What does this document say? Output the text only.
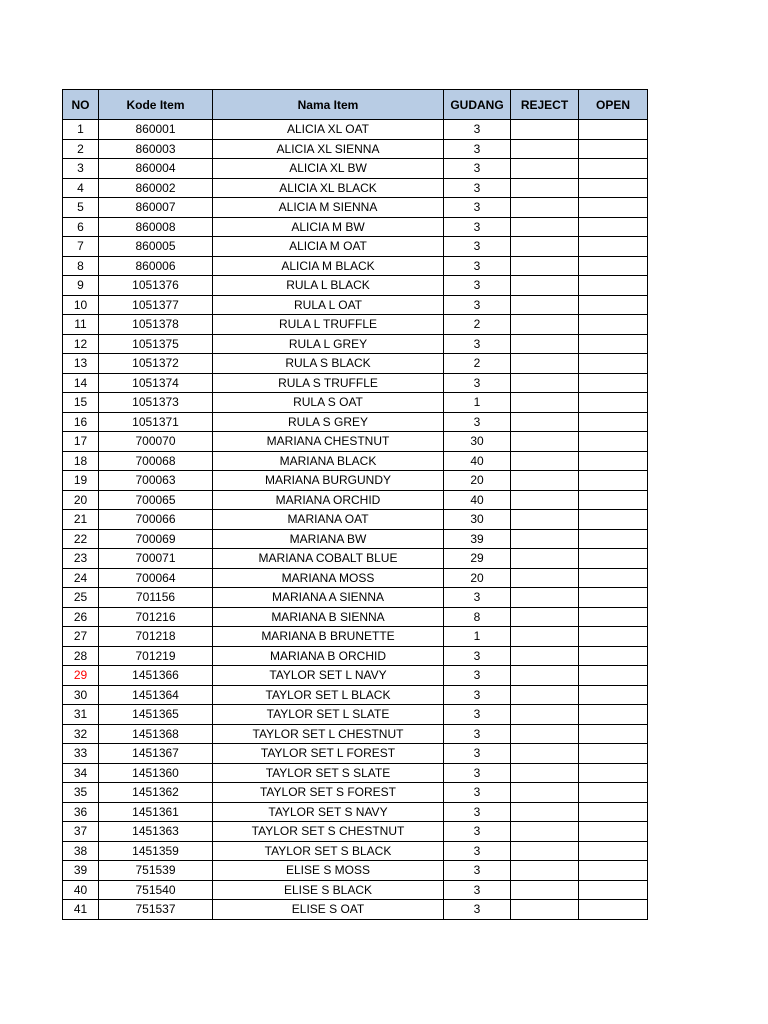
NO	Kode Item	Nama Item	GUDANG	REJECT	OPEN
1	860001	ALICIA XL OAT	3		
2	860003	ALICIA XL SIENNA	3		
3	860004	ALICIA XL BW	3		
4	860002	ALICIA XL BLACK	3		
5	860007	ALICIA M SIENNA	3		
6	860008	ALICIA M BW	3		
7	860005	ALICIA M OAT	3		
8	860006	ALICIA M BLACK	3		
9	1051376	RULA L BLACK	3		
10	1051377	RULA L OAT	3		
11	1051378	RULA L TRUFFLE	2		
12	1051375	RULA L GREY	3		
13	1051372	RULA S BLACK	2		
14	1051374	RULA S TRUFFLE	3		
15	1051373	RULA S OAT	1		
16	1051371	RULA S GREY	3		
17	700070	MARIANA CHESTNUT	30		
18	700068	MARIANA BLACK	40		
19	700063	MARIANA BURGUNDY	20		
20	700065	MARIANA ORCHID	40		
21	700066	MARIANA OAT	30		
22	700069	MARIANA BW	39		
23	700071	MARIANA COBALT BLUE	29		
24	700064	MARIANA MOSS	20		
25	701156	MARIANA A SIENNA	3		
26	701216	MARIANA B SIENNA	8		
27	701218	MARIANA B BRUNETTE	1		
28	701219	MARIANA B ORCHID	3		
29	1451366	TAYLOR SET L NAVY	3		
30	1451364	TAYLOR SET L BLACK	3		
31	1451365	TAYLOR SET L SLATE	3		
32	1451368	TAYLOR SET L CHESTNUT	3		
33	1451367	TAYLOR SET L FOREST	3		
34	1451360	TAYLOR SET S SLATE	3		
35	1451362	TAYLOR SET S FOREST	3		
36	1451361	TAYLOR SET S NAVY	3		
37	1451363	TAYLOR SET S CHESTNUT	3		
38	1451359	TAYLOR SET S BLACK	3		
39	751539	ELISE S MOSS	3		
40	751540	ELISE S BLACK	3		
41	751537	ELISE S OAT	3		
